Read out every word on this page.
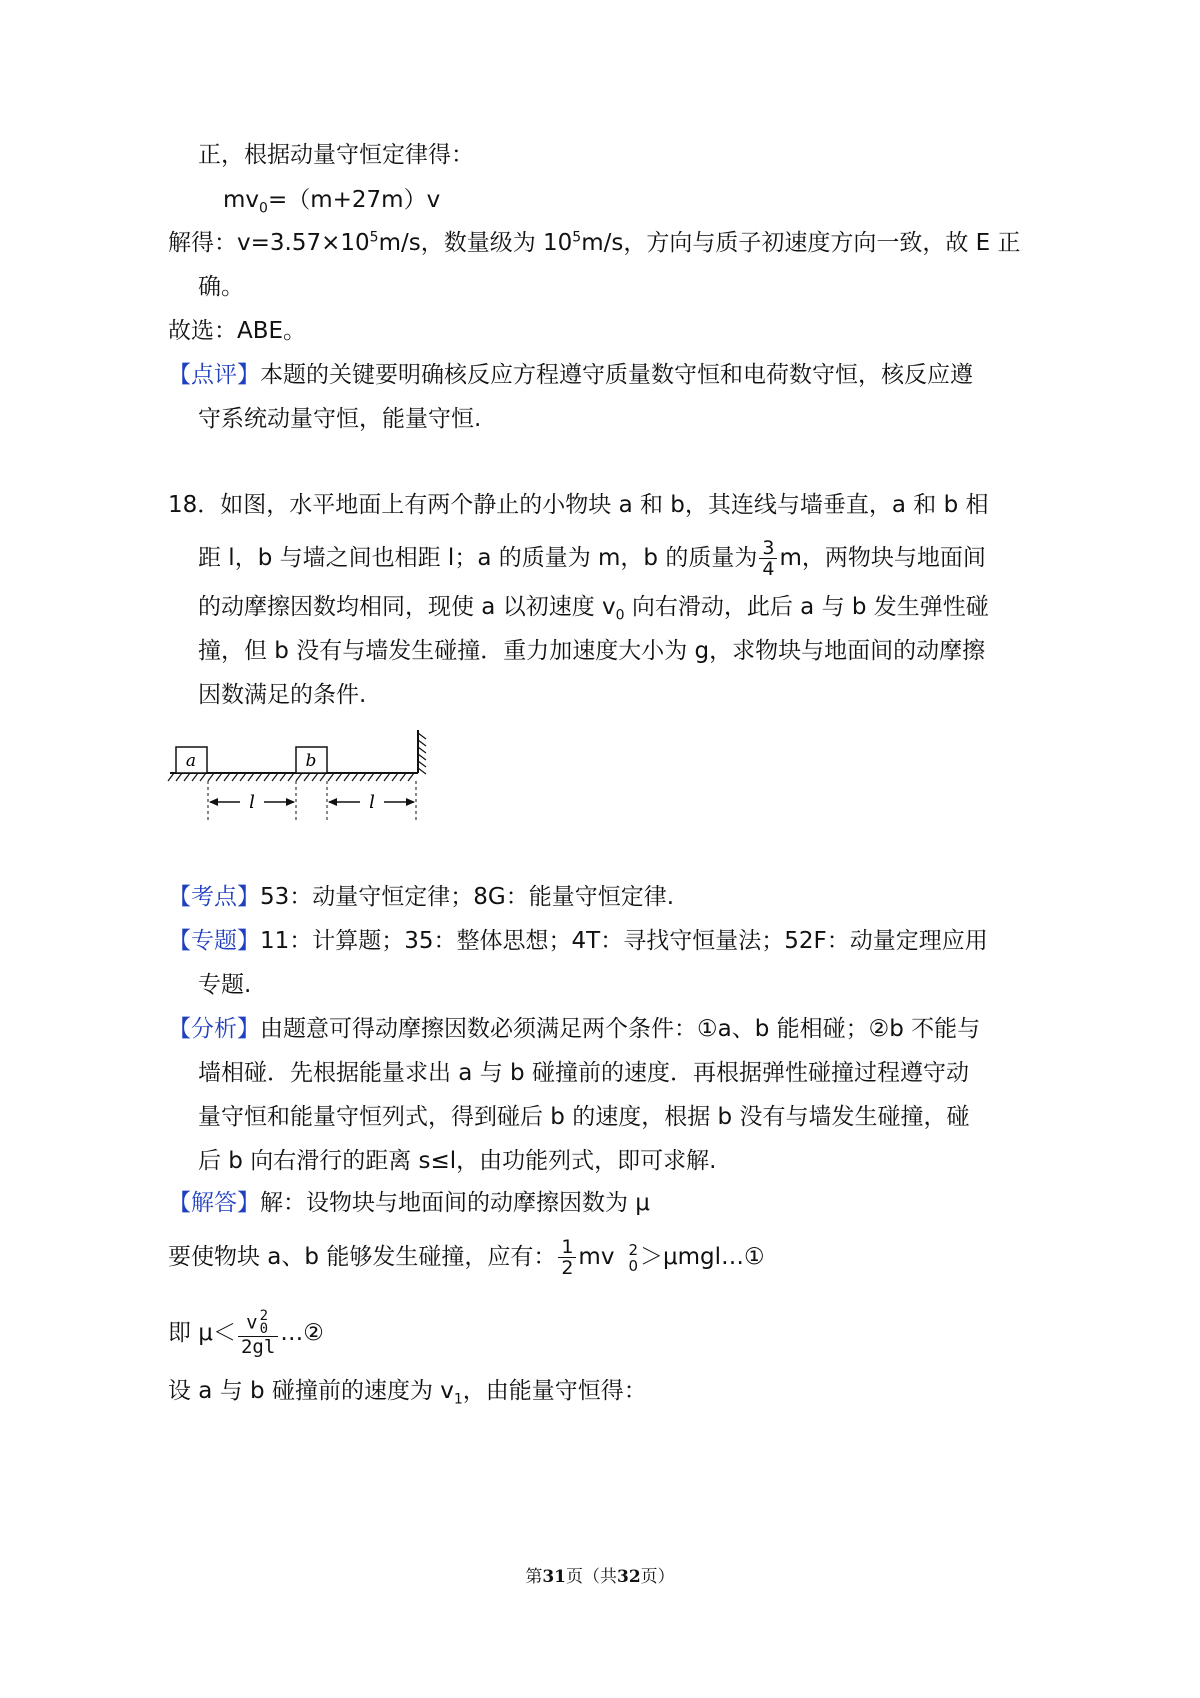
正，根据动量守恒定律得：
$mv_0=(m+27m)v$
解得：$v=3.57\times 10^5m/s$，数量级为 $10^5m/s$，方向与质子初速度方向一致，故 E 正
确。
故选：ABE。
【点评】本题的关键要明确核反应方程遵守质量数守恒和电荷数守恒，核反应遵
守系统动量守恒，能量守恒.
18．如图，水平地面上有两个静止的小物块 a 和 b，其连线与墙垂直，a 和 b 相
距 l，b 与墙之间也相距 l；a 的质量为 m，b 的质量为 $\frac{3}{4}$ m，两物块与地面间
的动摩擦因数均相同，现使 a 以初速度 $v_0$ 向右滑动，此后 a 与 b 发生弹性碰
撞，但 b 没有与墙发生碰撞．重力加速度大小为 g，求物块与地面间的动摩擦
因数满足的条件.
a	b
l	l
【考点】53：动量守恒定律；8G：能量守恒定律.
【专题】11：计算题；35：整体思想；4T：寻找守恒量法；52F：动量定理应用
专题.
【分析】由题意可得动摩擦因数必须满足两个条件：①a、b 能相碰；②b 不能与
墙相碰．先根据能量求出 a 与 b 碰撞前的速度．再根据弹性碰撞过程遵守动
量守恒和能量守恒列式，得到碰后 b 的速度，根据 b 没有与墙发生碰撞，碰
后 b 向右滑行的距离 s≤l，由功能列式，即可求解.
【解答】解：设物块与地面间的动摩擦因数为 μ
要使物块 a、b 能够发生碰撞，应有： $\frac{1}{2}$ mv 2
0 ＞μmgl…①
即 μ＜ v 2
0
2gl …②
设 a 与 b 碰撞前的速度为 $v_1$，由能量守恒得：
第31页（共32页）
